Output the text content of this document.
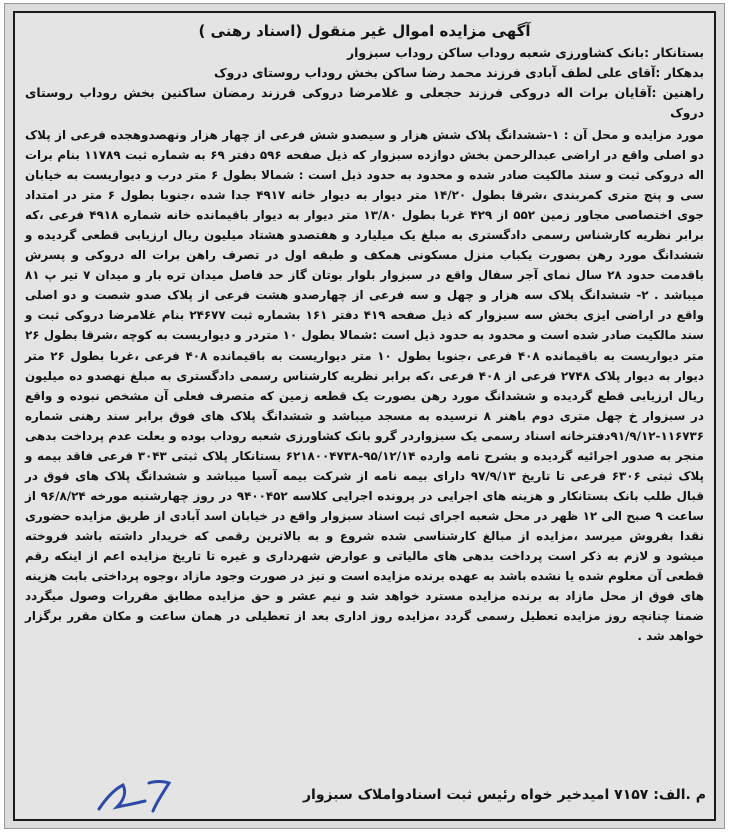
آگهی مزایده اموال غیر منقول (اسناد رهنی )

بستانکار :بانک کشاورزی شعبه روداب ساکن روداب سبزوار

بدهکار :آقای علی لطف آبادی فرزند محمد رضا ساکن بخش روداب روستای دروک

راهنین :آقایان برات اله دروکی فرزند حجعلی و غلامرضا دروکی فرزند رمضان ساکنین بخش روداب روستای دروک

مورد مزایده و محل آن : ۱-ششدانگ پلاک شش هزار و سیصدو شش فرعی از چهار هزار ونهصدوهجده فرعی از پلاک دو اصلی واقع در اراضی عبدالرحمن بخش دوازده سبزوار که ذیل صفحه ۵۹۶ دفتر ۶۹ به شماره ثبت ۱۱۷۸۹ بنام برات اله دروکی ثبت و سند مالکیت صادر شده و محدود به حدود ذیل است : شمالا بطول ۶ متر درب و دیواریست به خیابان سی و پنج متری کمربندی ،شرقا بطول ۱۴/۲۰ متر دیوار به دیوار خانه ۴۹۱۷ جدا شده ،جنوبا بطول ۶ متر در امتداد جوی اختصاصی مجاور زمین ۵۵۲ از ۴۲۹ غربا بطول ۱۳/۸۰ متر دیوار به دیوار باقیمانده خانه شماره ۴۹۱۸ فرعی ،که برابر نظریه کارشناس رسمی دادگستری به مبلغ یک میلیارد و هفتصدو هشتاد میلیون ریال ارزیابی قطعی گردیده و ششدانگ مورد رهن بصورت یکباب منزل مسکونی همکف و طبقه اول در تصرف راهن برات اله دروکی و پسرش باقدمت حدود ۲۸ سال نمای آجر سفال واقع در سبزوار بلوار بوتان گاز حد فاصل میدان تره بار و میدان ۷ تیر پ ۸۱ میباشد . ۲- ششدانگ پلاک سه هزار و چهل و سه فرعی از چهارصدو هشت فرعی از پلاک صدو شصت و دو اصلی واقع در اراضی ایزی بخش سه سبزوار که ذیل صفحه ۴۱۹ دفتر ۱۶۱ بشماره ثبت ۲۴۶۷۷ بنام غلامرضا دروکی ثبت و سند مالکیت صادر شده است و محدود به حدود ذیل است :شمالا بطول ۱۰ متردر و دیواریست به کوچه ،شرقا بطول ۲۶ متر دیواریست به باقیمانده ۴۰۸ فرعی ،جنوبا بطول ۱۰ متر دیواریست به باقیمانده ۴۰۸ فرعی ،غربا بطول ۲۶ متر دیوار به دیوار پلاک ۲۷۴۸ فرعی از ۴۰۸ فرعی ،که برابر نظریه کارشناس رسمی دادگستری به مبلغ نهصدو ده میلیون ریال ارزیابی قطع گردیده و ششدانگ مورد رهن بصورت یک قطعه زمین که متصرف فعلی آن مشخص نبوده و واقع در سبزوار خ چهل متری دوم باهنر ۸ نرسیده به مسجد میباشد و ششدانگ پلاک های فوق برابر سند رهنی شماره ۱۱۶۷۳۶-۹۱/۹/۱۲دفترخانه اسناد رسمی یک سبزواردر گرو بانک کشاورزی شعبه روداب بوده و بعلت عدم پرداخت بدهی منجر به صدور اجرائیه گردیده و بشرح نامه وارده ۹۵/۱۲/۱۴-۶۲۱۸۰۰۴۷۳۸ بستانکار پلاک ثبتی ۳۰۴۳ فرعی فاقد بیمه و پلاک ثبتی ۶۳۰۶ فرعی تا تاریخ ۹۷/۹/۱۳ دارای بیمه نامه از شرکت بیمه آسیا میباشد و ششدانگ پلاک های فوق در قبال طلب بانک بستانکار و هزینه های اجرایی در پرونده اجرایی کلاسه ۹۴۰۰۴۵۲ در روز چهارشنبه مورخه ۹۶/۸/۲۴ از ساعت ۹ صبح الی ۱۲ ظهر در محل شعبه اجرای ثبت اسناد سبزوار واقع در خیابان اسد آبادی از طریق مزایده حضوری نقدا بفروش میرسد ،مزایده از مبالغ کارشناسی شده شروع و به بالاترین رقمی که خریدار داشته باشد فروخته میشود و لازم به ذکر است پرداخت بدهی های مالیاتی و عوارض شهرداری و غیره تا تاریخ مزایده اعم از اینکه رقم قطعی آن معلوم شده یا نشده باشد به عهده برنده مزایده است و نیز در صورت وجود مازاد ،وجوه پرداختی بابت هزینه های فوق از محل مازاد به برنده مزایده مسترد خواهد شد و نیم عشر و حق مزایده مطابق مقررات وصول میگردد ضمنا چنانچه روز مزایده تعطیل رسمی گردد ،مزایده روز اداری بعد از تعطیلی در همان ساعت و مکان مقرر برگزار خواهد شد .

م .الف: ۷۱۵۷ امیدخیر خواه رئیس ثبت اسنادواملاک سبزوار
